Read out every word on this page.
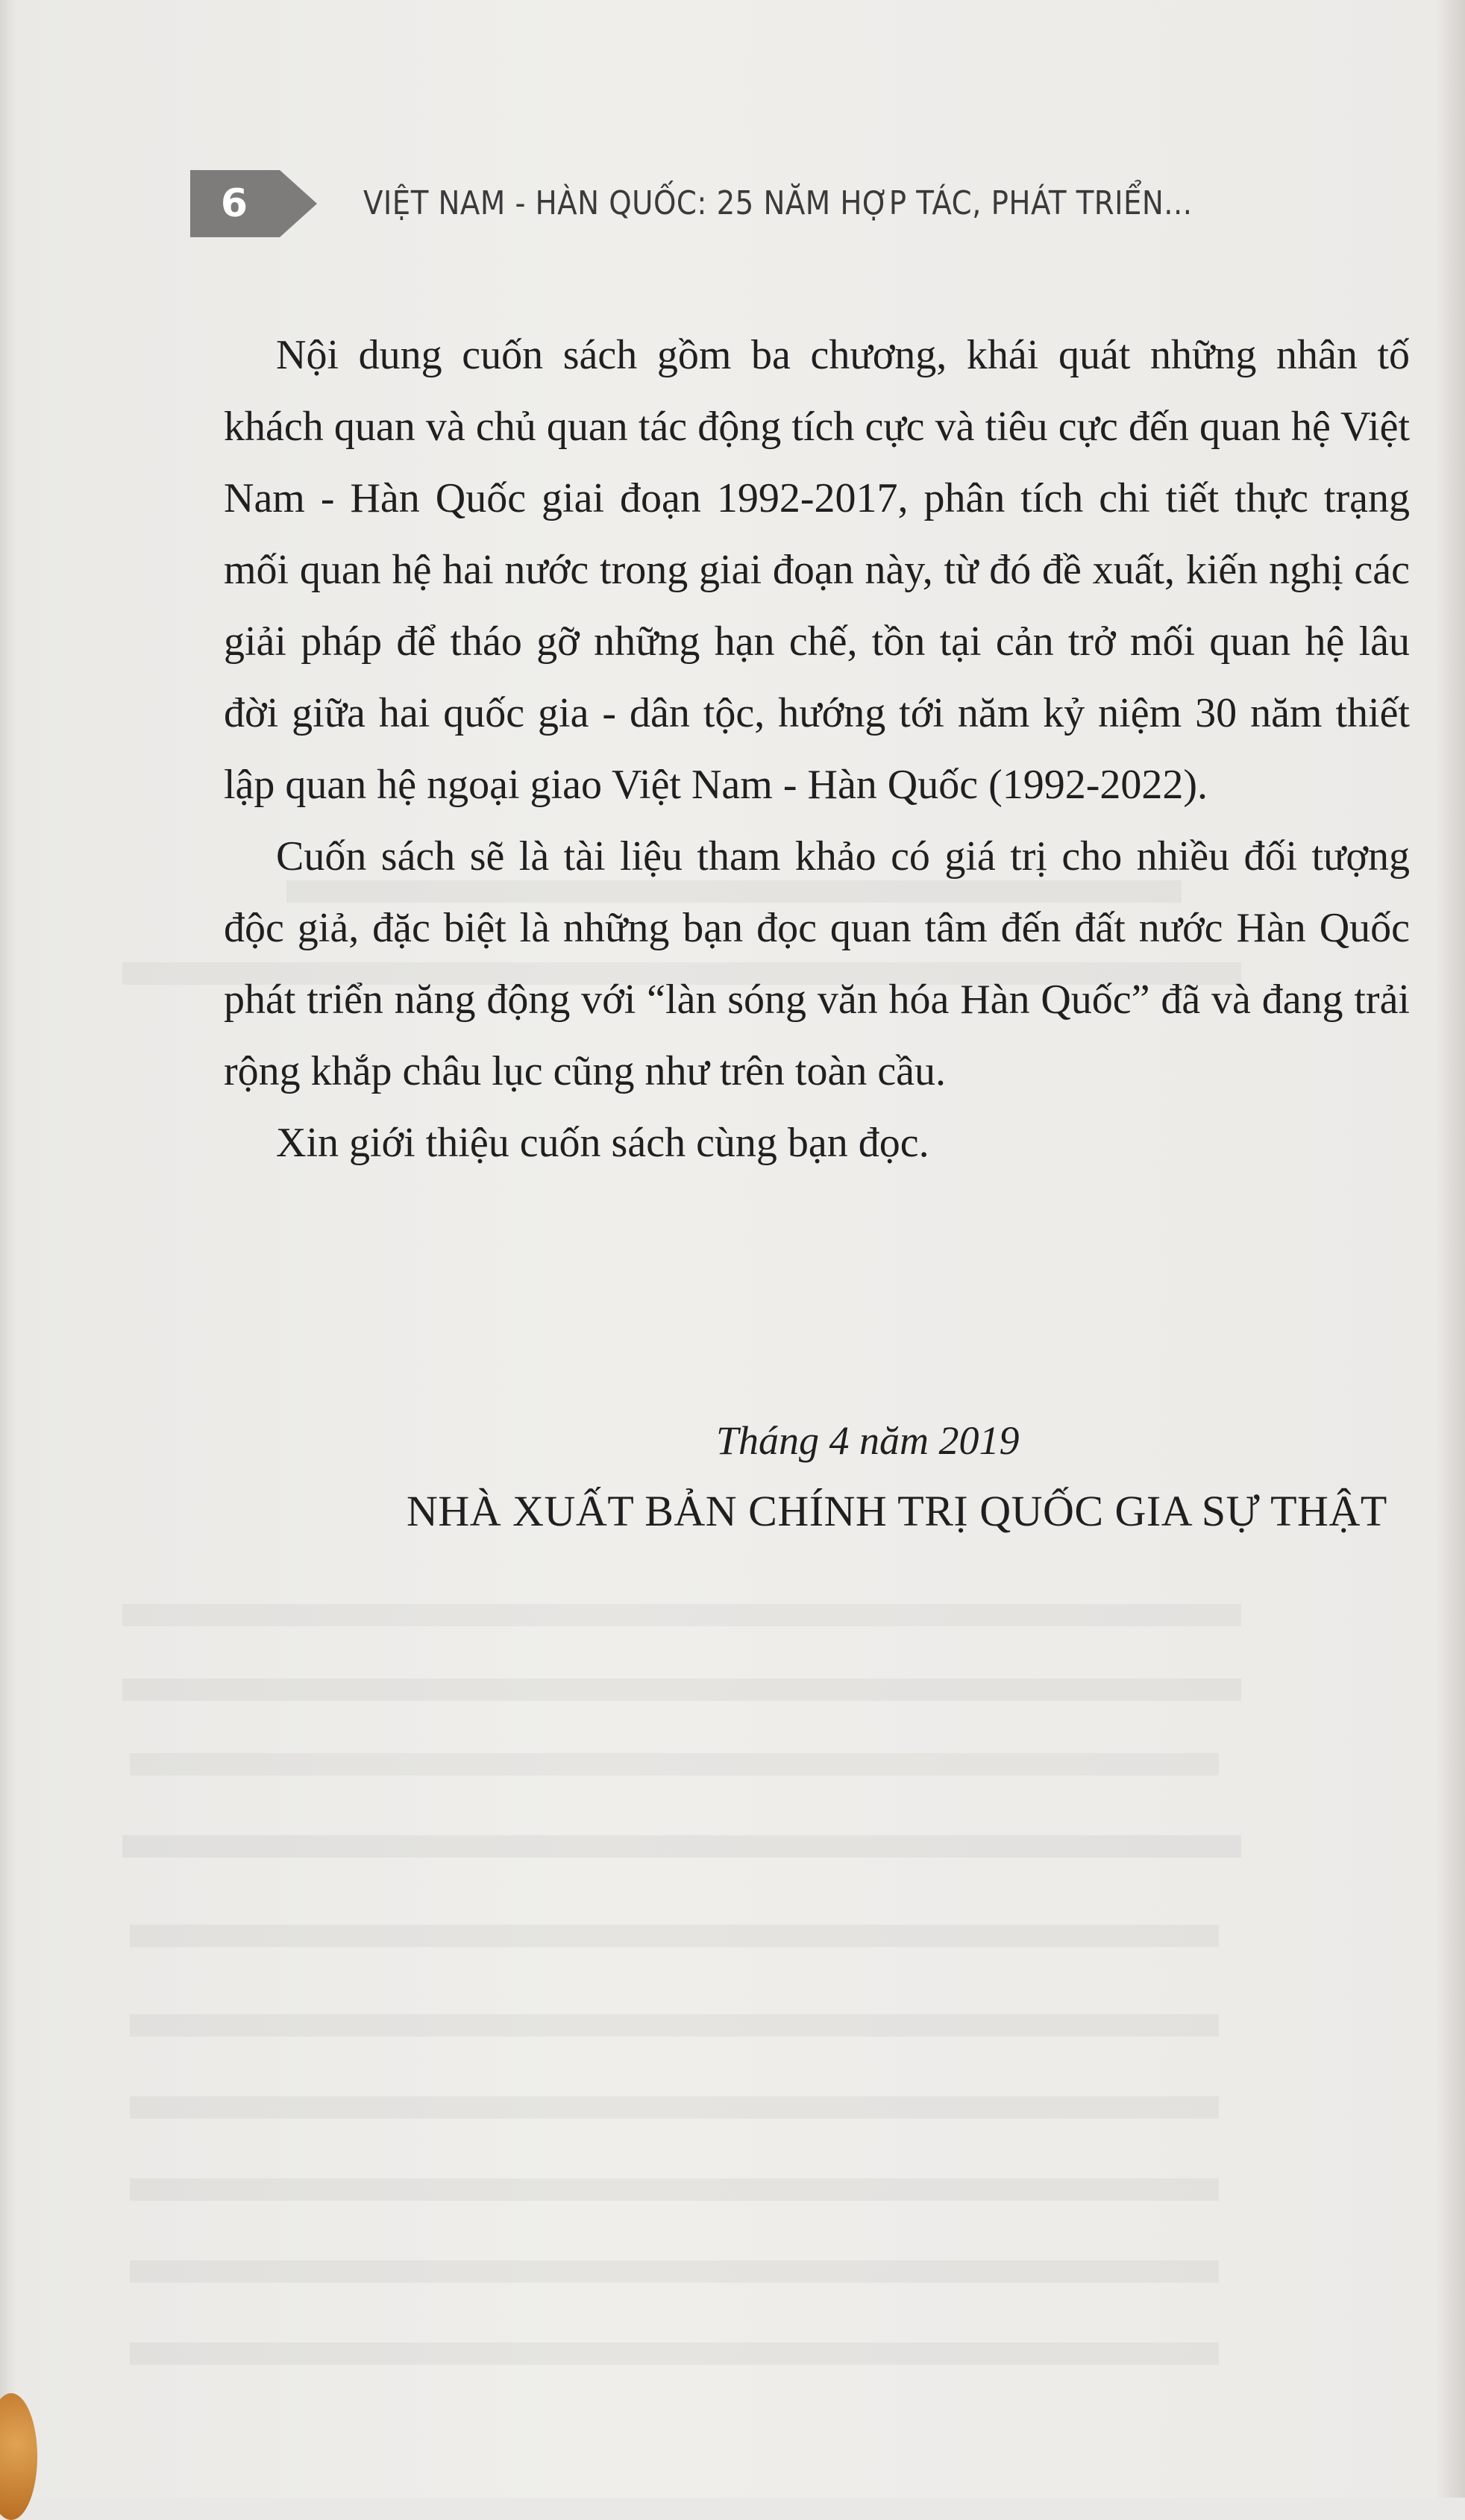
6	VIỆT NAM - HÀN QUỐC: 25 NĂM HỢP TÁC, PHÁT TRIỂN...

Nội dung cuốn sách gồm ba chương, khái quát những nhân tố khách quan và chủ quan tác động tích cực và tiêu cực đến quan hệ Việt Nam - Hàn Quốc giai đoạn 1992-2017, phân tích chi tiết thực trạng mối quan hệ hai nước trong giai đoạn này, từ đó đề xuất, kiến nghị các giải pháp để tháo gỡ những hạn chế, tồn tại cản trở mối quan hệ lâu đời giữa hai quốc gia - dân tộc, hướng tới năm kỷ niệm 30 năm thiết lập quan hệ ngoại giao Việt Nam - Hàn Quốc (1992-2022).

Cuốn sách sẽ là tài liệu tham khảo có giá trị cho nhiều đối tượng độc giả, đặc biệt là những bạn đọc quan tâm đến đất nước Hàn Quốc phát triển năng động với “làn sóng văn hóa Hàn Quốc” đã và đang trải rộng khắp châu lục cũng như trên toàn cầu.

Xin giới thiệu cuốn sách cùng bạn đọc.

Tháng 4 năm 2019
NHÀ XUẤT BẢN CHÍNH TRỊ QUỐC GIA SỰ THẬT
